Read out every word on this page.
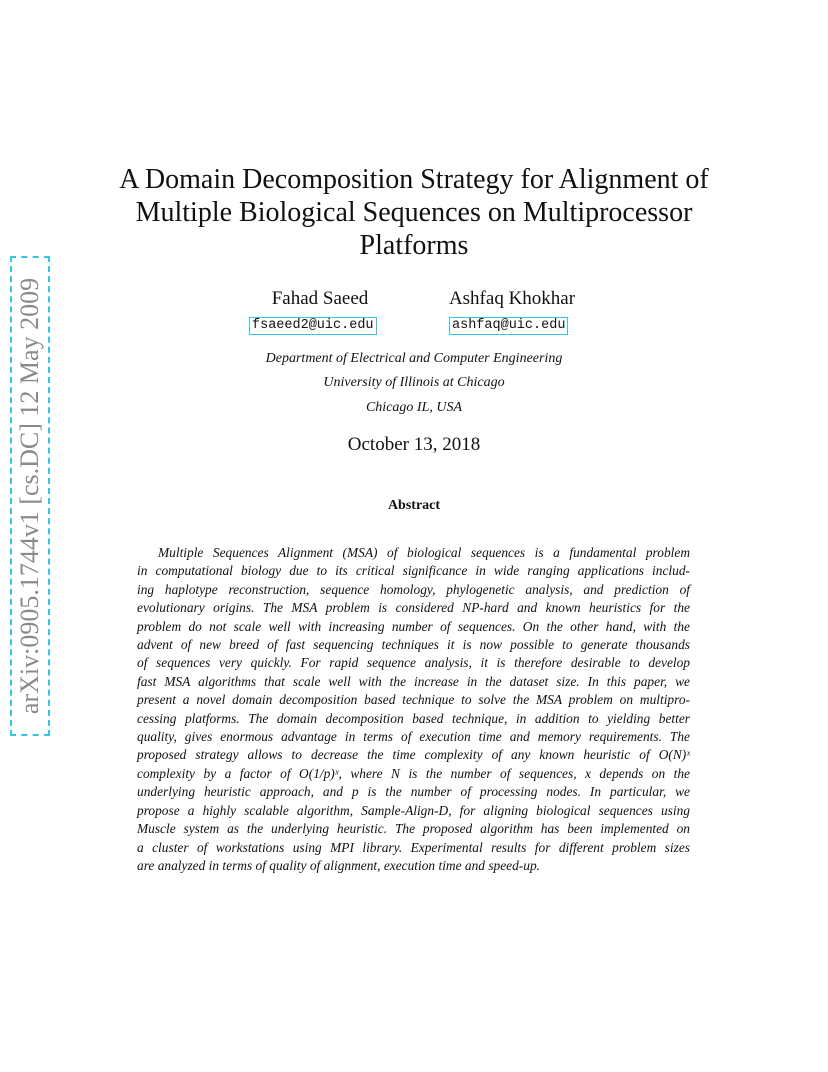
arXiv:0905.1744v1 [cs.DC] 12 May 2009
A Domain Decomposition Strategy for Alignment of
Multiple Biological Sequences on Multiprocessor
Platforms
Fahad Saeed	Ashfaq Khokhar
fsaeed2@uic.edu	ashfaq@uic.edu
Department of Electrical and Computer Engineering
University of Illinois at Chicago
Chicago IL, USA
October 13, 2018
Abstract
Multiple Sequences Alignment (MSA) of biological sequences is a fundamental problem
in computational biology due to its critical significance in wide ranging applications includ-
ing haplotype reconstruction, sequence homology, phylogenetic analysis, and prediction of
evolutionary origins. The MSA problem is considered NP-hard and known heuristics for the
problem do not scale well with increasing number of sequences. On the other hand, with the
advent of new breed of fast sequencing techniques it is now possible to generate thousands
of sequences very quickly. For rapid sequence analysis, it is therefore desirable to develop
fast MSA algorithms that scale well with the increase in the dataset size. In this paper, we
present a novel domain decomposition based technique to solve the MSA problem on multipro-
cessing platforms. The domain decomposition based technique, in addition to yielding better
quality, gives enormous advantage in terms of execution time and memory requirements. The
proposed strategy allows to decrease the time complexity of any known heuristic of O(N)ˣ
complexity by a factor of O(1/p)ˣ, where N is the number of sequences, x depends on the
underlying heuristic approach, and p is the number of processing nodes. In particular, we
propose a highly scalable algorithm, Sample-Align-D, for aligning biological sequences using
Muscle system as the underlying heuristic. The proposed algorithm has been implemented on
a cluster of workstations using MPI library. Experimental results for different problem sizes
are analyzed in terms of quality of alignment, execution time and speed-up.
